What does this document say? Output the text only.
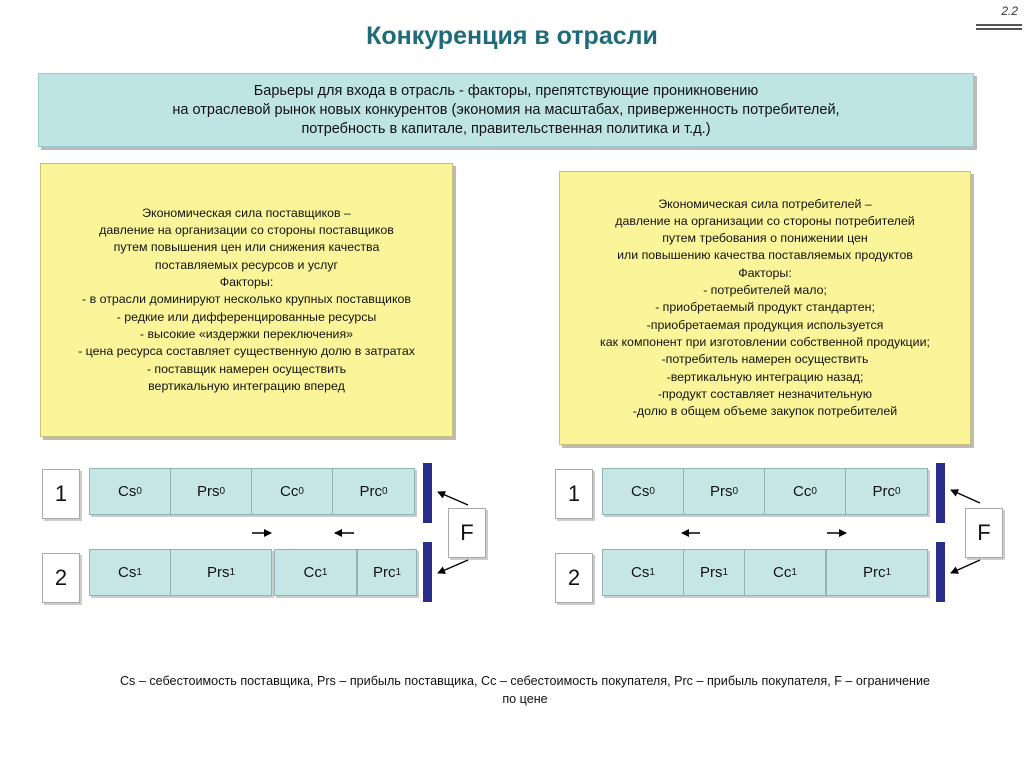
2.2
Конкуренция в отрасли
Барьеры для входа в отрасль - факторы, препятствующие проникновению
на отраслевой рынок новых конкурентов (экономия на масштабах, приверженность потребителей,
потребность в капитале, правительственная политика и т.д.)
Экономическая сила поставщиков –
давление на организации со стороны поставщиков
путем повышения цен или снижения качества
поставляемых ресурсов и услуг
Факторы:
- в отрасли доминируют несколько крупных поставщиков
- редкие или дифференцированные ресурсы
- высокие «издержки переключения»
- цена ресурса составляет существенную долю в затратах
- поставщик намерен осуществить
вертикальную интеграцию вперед
Экономическая сила потребителей –
давление на организации со стороны потребителей
путем требования о понижении цен
или повышению качества поставляемых продуктов
Факторы:
- потребителей мало;
- приобретаемый продукт стандартен;
-приобретаемая продукция используется
как компонент при изготовлении собственной продукции;
-потребитель намерен осуществить
-вертикальную интеграцию назад;
-продукт составляет незначительную
-долю в общем объеме закупок потребителей
1
2
Cs 0	Prs 0	Cc 0	Prc 0
Cs 1	Prs 1	Cc 1	Prc 1
F
1
2
Cs 0	Prs 0	Cc 0	Prc 0
Cs 1	Prs 1	Cc 1	Prc 1
F
Cs – себестоимость поставщика, Prs – прибыль поставщика, Cc – себестоимость покупателя, Prc – прибыль покупателя, F – ограничение
по цене
